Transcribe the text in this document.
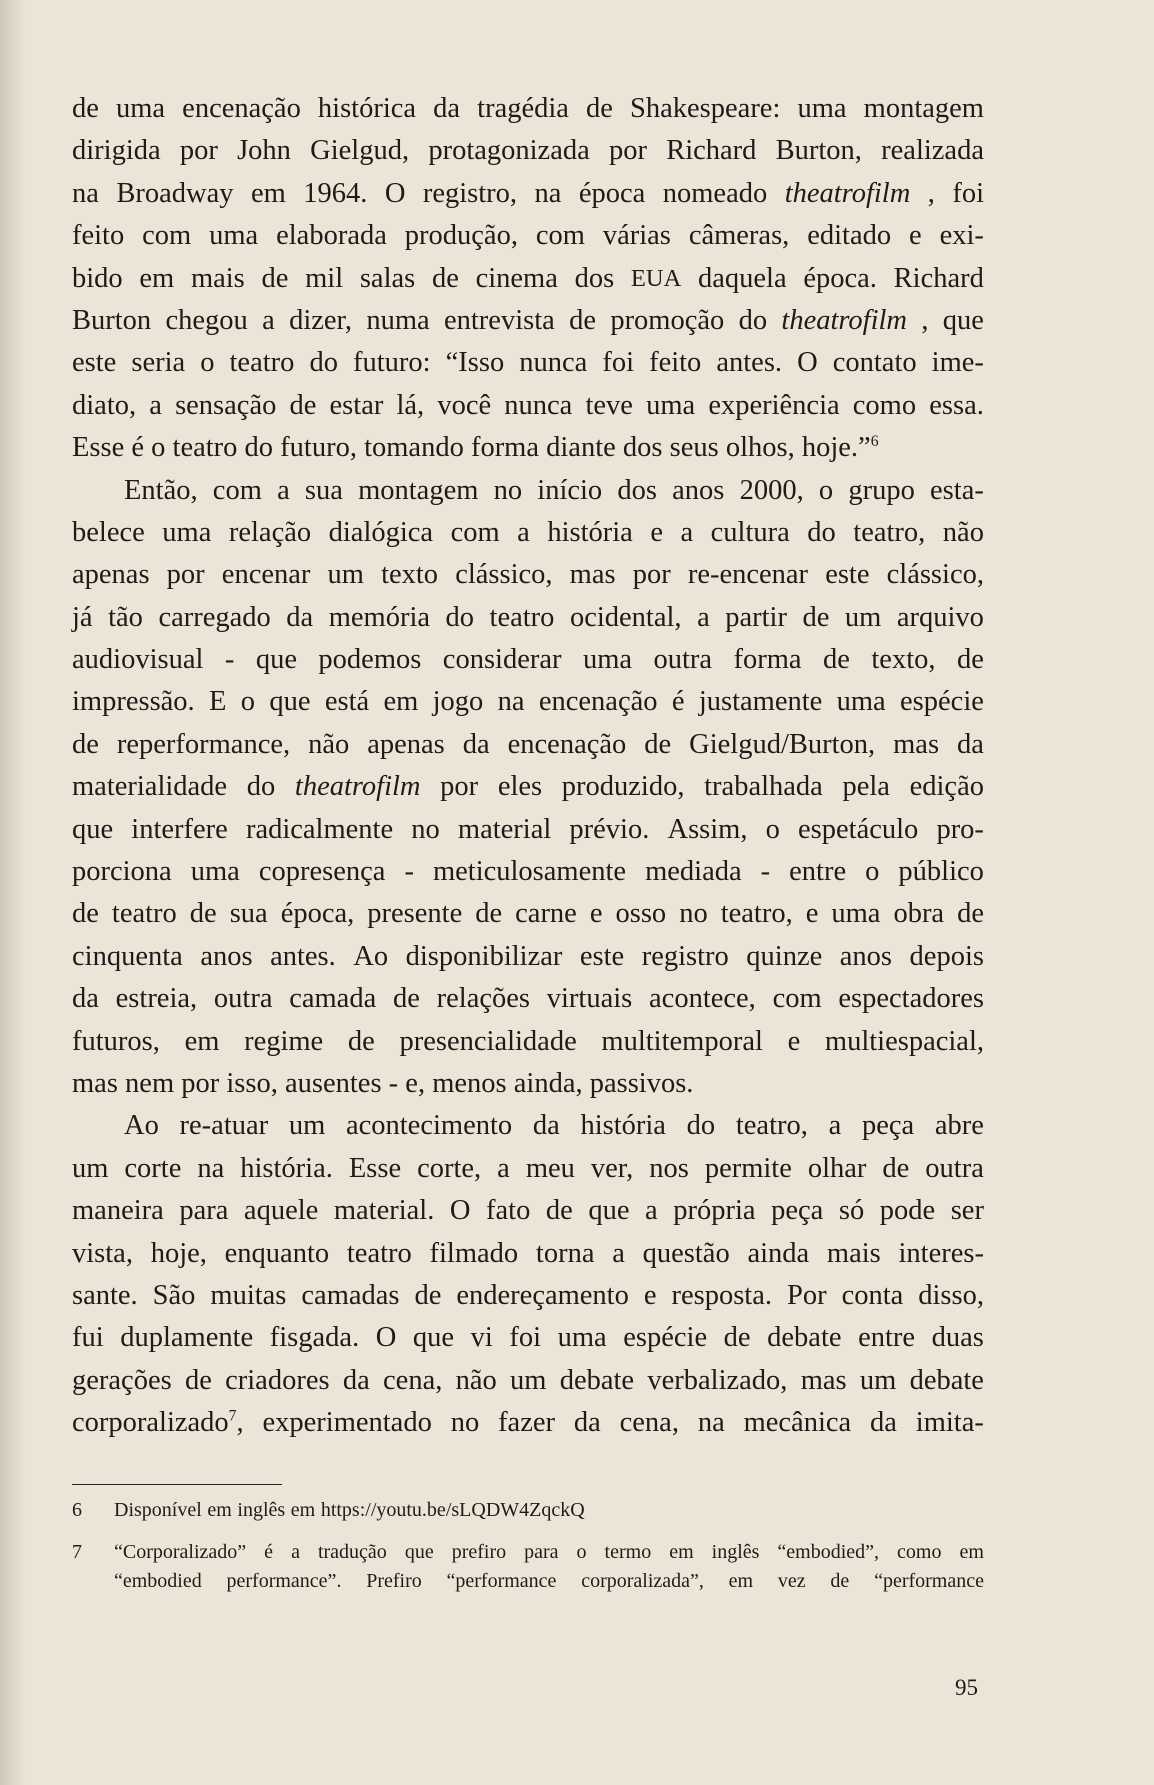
de uma encenação histórica da tragédia de Shakespeare: uma montagem
dirigida por John Gielgud, protagonizada por Richard Burton, realizada
na Broadway em 1964. O registro, na época nomeado theatrofilm , foi
feito com uma elaborada produção, com várias câmeras, editado e exi-
bido em mais de mil salas de cinema dos EUA daquela época. Richard
Burton chegou a dizer, numa entrevista de promoção do theatrofilm , que
este seria o teatro do futuro: “Isso nunca foi feito antes. O contato ime-
diato, a sensação de estar lá, você nunca teve uma experiência como essa.
Esse é o teatro do futuro, tomando forma diante dos seus olhos, hoje.”$^6$
Então, com a sua montagem no início dos anos 2000, o grupo esta-
belece uma relação dialógica com a história e a cultura do teatro, não
apenas por encenar um texto clássico, mas por re-encenar este clássico,
já tão carregado da memória do teatro ocidental, a partir de um arquivo
audiovisual - que podemos considerar uma outra forma de texto, de
impressão. E o que está em jogo na encenação é justamente uma espécie
de reperformance, não apenas da encenação de Gielgud/Burton, mas da
materialidade do theatrofilm por eles produzido, trabalhada pela edição
que interfere radicalmente no material prévio. Assim, o espetáculo pro-
porciona uma copresença - meticulosamente mediada - entre o público
de teatro de sua época, presente de carne e osso no teatro, e uma obra de
cinquenta anos antes. Ao disponibilizar este registro quinze anos depois
da estreia, outra camada de relações virtuais acontece, com espectadores
futuros, em regime de presencialidade multitemporal e multiespacial,
mas nem por isso, ausentes - e, menos ainda, passivos.
Ao re-atuar um acontecimento da história do teatro, a peça abre
um corte na história. Esse corte, a meu ver, nos permite olhar de outra
maneira para aquele material. O fato de que a própria peça só pode ser
vista, hoje, enquanto teatro filmado torna a questão ainda mais interes-
sante. São muitas camadas de endereçamento e resposta. Por conta disso,
fui duplamente fisgada. O que vi foi uma espécie de debate entre duas
gerações de criadores da cena, não um debate verbalizado, mas um debate
corporalizado$^7$, experimentado no fazer da cena, na mecânica da imita-
6 Disponível em inglês em https://youtu.be/sLQDW4ZqckQ
7 “Corporalizado” é a tradução que prefiro para o termo em inglês “embodied”, como em
“embodied performance”. Prefiro “performance corporalizada”, em vez de “performance
95
